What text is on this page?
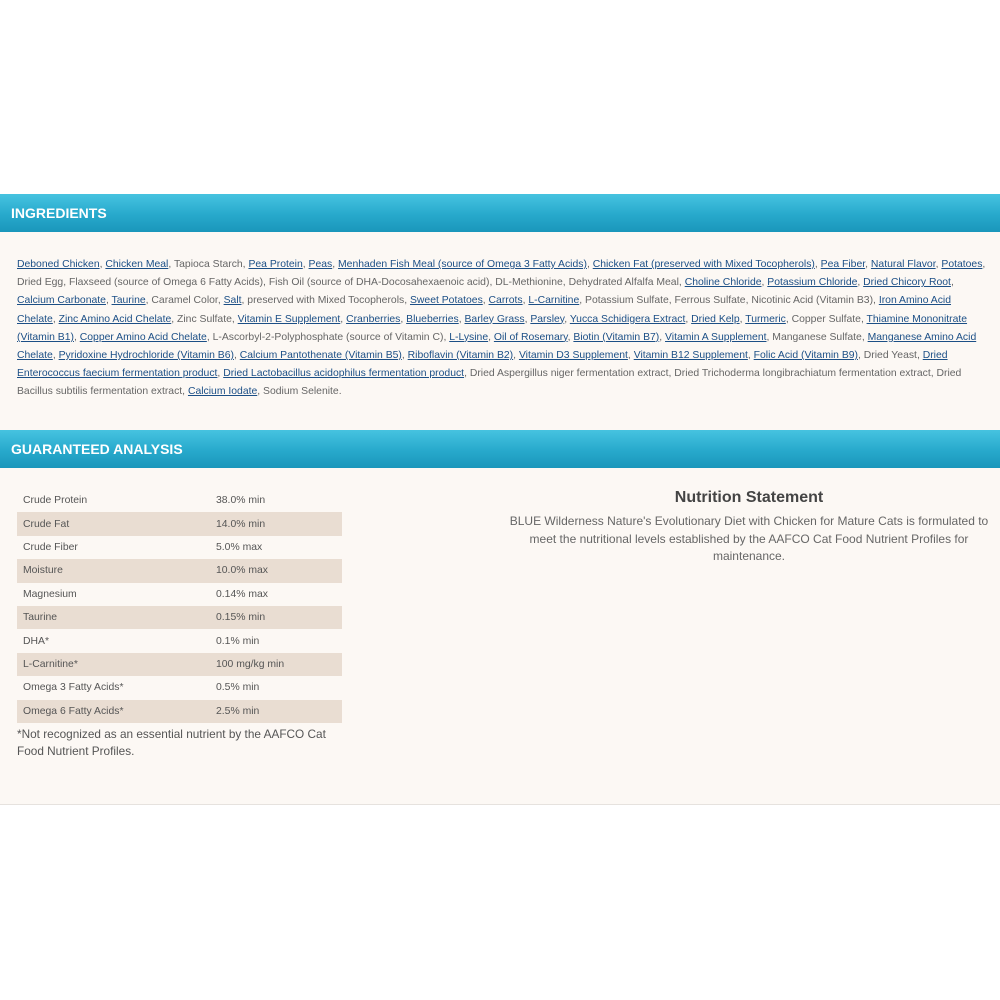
INGREDIENTS
Deboned Chicken, Chicken Meal, Tapioca Starch, Pea Protein, Peas, Menhaden Fish Meal (source of Omega 3 Fatty Acids), Chicken Fat (preserved with Mixed Tocopherols), Pea Fiber, Natural Flavor, Potatoes, Dried Egg, Flaxseed (source of Omega 6 Fatty Acids), Fish Oil (source of DHA-Docosahexaenoic acid), DL-Methionine, Dehydrated Alfalfa Meal, Choline Chloride, Potassium Chloride, Dried Chicory Root, Calcium Carbonate, Taurine, Caramel Color, Salt, preserved with Mixed Tocopherols, Sweet Potatoes, Carrots, L-Carnitine, Potassium Sulfate, Ferrous Sulfate, Nicotinic Acid (Vitamin B3), Iron Amino Acid Chelate, Zinc Amino Acid Chelate, Zinc Sulfate, Vitamin E Supplement, Cranberries, Blueberries, Barley Grass, Parsley, Yucca Schidigera Extract, Dried Kelp, Turmeric, Copper Sulfate, Thiamine Mononitrate (Vitamin B1), Copper Amino Acid Chelate, L-Ascorbyl-2-Polyphosphate (source of Vitamin C), L-Lysine, Oil of Rosemary, Biotin (Vitamin B7), Vitamin A Supplement, Manganese Sulfate, Manganese Amino Acid Chelate, Pyridoxine Hydrochloride (Vitamin B6), Calcium Pantothenate (Vitamin B5), Riboflavin (Vitamin B2), Vitamin D3 Supplement, Vitamin B12 Supplement, Folic Acid (Vitamin B9), Dried Yeast, Dried Enterococcus faecium fermentation product, Dried Lactobacillus acidophilus fermentation product, Dried Aspergillus niger fermentation extract, Dried Trichoderma longibrachiatum fermentation extract, Dried Bacillus subtilis fermentation extract, Calcium Iodate, Sodium Selenite.
GUARANTEED ANALYSIS
Crude Protein	38.0% min
Crude Fat	14.0% min
Crude Fiber	5.0% max
Moisture	10.0% max
Magnesium	0.14% max
Taurine	0.15% min
DHA*	0.1% min
L-Carnitine*	100 mg/kg min
Omega 3 Fatty Acids*	0.5% min
Omega 6 Fatty Acids*	2.5% min
*Not recognized as an essential nutrient by the AAFCO Cat Food Nutrient Profiles.
Nutrition Statement

BLUE Wilderness Nature's Evolutionary Diet with Chicken for Mature Cats is formulated to meet the nutritional levels established by the AAFCO Cat Food Nutrient Profiles for maintenance.
